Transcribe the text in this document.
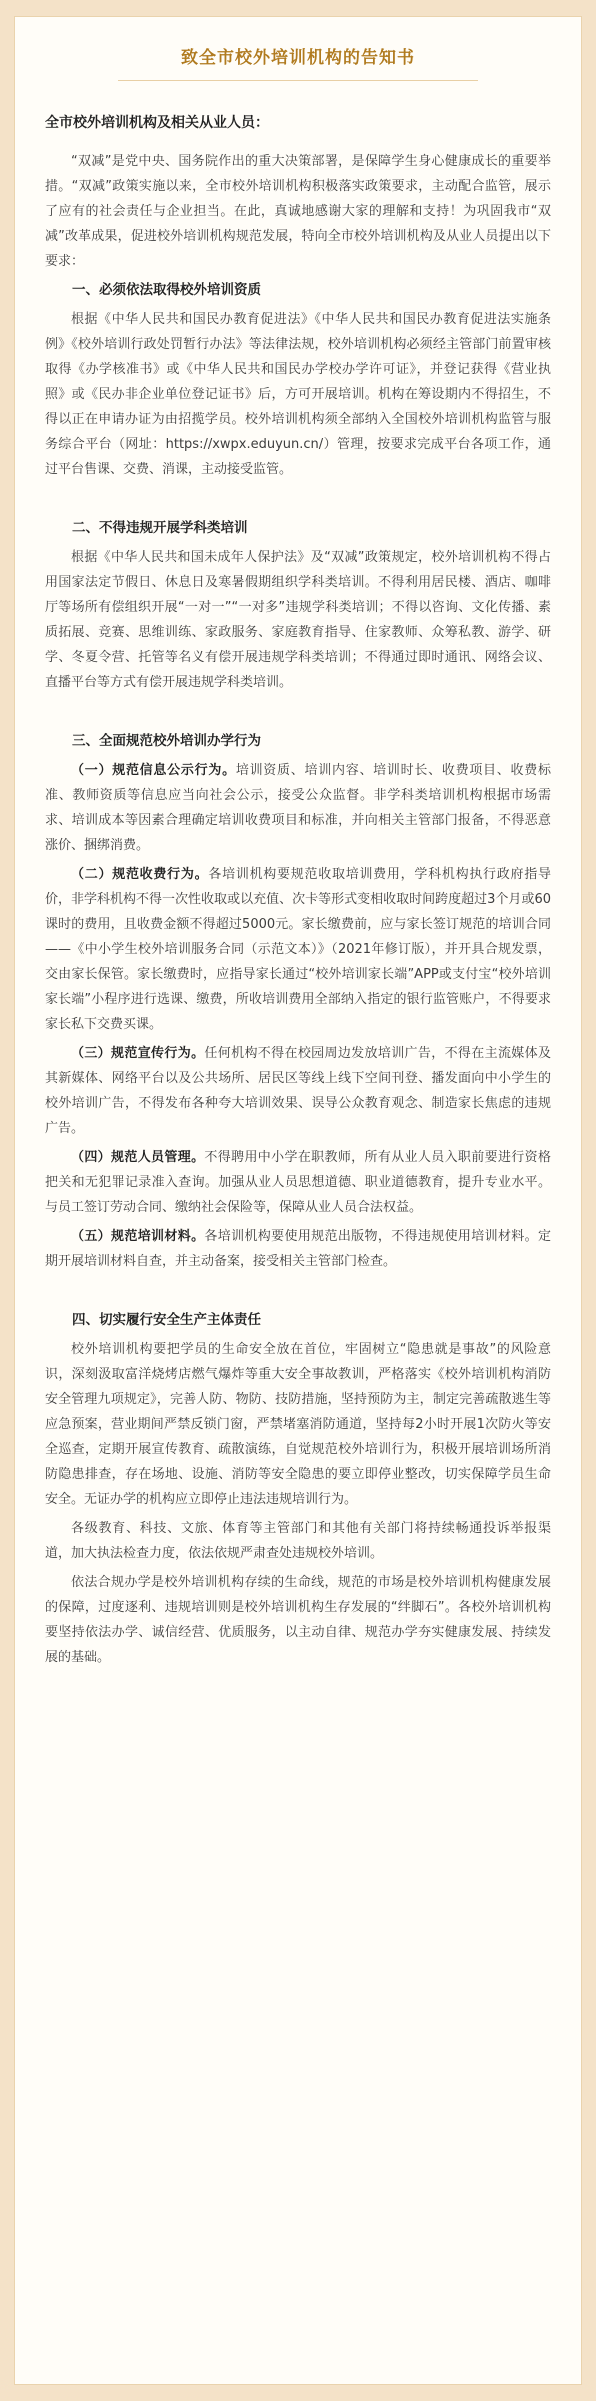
致全市校外培训机构的告知书
全市校外培训机构及相关从业人员：

“双减”是党中央、国务院作出的重大决策部署，是保障学生身心健康成长的重要举措。“双减”政策实施以来，全市校外培训机构积极落实政策要求，主动配合监管，展示了应有的社会责任与企业担当。在此，真诚地感谢大家的理解和支持！为巩固我市“双减”改革成果，促进校外培训机构规范发展，特向全市校外培训机构及从业人员提出以下要求：

一、必须依法取得校外培训资质

根据《中华人民共和国民办教育促进法》《中华人民共和国民办教育促进法实施条例》《校外培训行政处罚暂行办法》等法律法规，校外培训机构必须经主管部门前置审核取得《办学核准书》或《中华人民共和国民办学校办学许可证》，并登记获得《营业执照》或《民办非企业单位登记证书》后，方可开展培训。机构在筹设期内不得招生，不得以正在申请办证为由招揽学员。校外培训机构须全部纳入全国校外培训机构监管与服务综合平台（网址：https://xwpx.eduyun.cn/）管理，按要求完成平台各项工作，通过平台售课、交费、消课，主动接受监管。

二、不得违规开展学科类培训

根据《中华人民共和国未成年人保护法》及“双减”政策规定，校外培训机构不得占用国家法定节假日、休息日及寒暑假期组织学科类培训。不得利用居民楼、酒店、咖啡厅等场所有偿组织开展“一对一”“一对多”违规学科类培训；不得以咨询、文化传播、素质拓展、竞赛、思维训练、家政服务、家庭教育指导、住家教师、众筹私教、游学、研学、冬夏令营、托管等名义有偿开展违规学科类培训；不得通过即时通讯、网络会议、直播平台等方式有偿开展违规学科类培训。

三、全面规范校外培训办学行为

（一）规范信息公示行为。培训资质、培训内容、培训时长、收费项目、收费标准、教师资质等信息应当向社会公示，接受公众监督。非学科类培训机构根据市场需求、培训成本等因素合理确定培训收费项目和标准，并向相关主管部门报备，不得恶意涨价、捆绑消费。

（二）规范收费行为。各培训机构要规范收取培训费用，学科机构执行政府指导价，非学科机构不得一次性收取或以充值、次卡等形式变相收取时间跨度超过3个月或60课时的费用，且收费金额不得超过5000元。家长缴费前，应与家长签订规范的培训合同——《中小学生校外培训服务合同（示范文本）》（2021年修订版），并开具合规发票，交由家长保管。家长缴费时，应指导家长通过“校外培训家长端”APP或支付宝“校外培训家长端”小程序进行选课、缴费，所收培训费用全部纳入指定的银行监管账户，不得要求家长私下交费买课。

（三）规范宣传行为。任何机构不得在校园周边发放培训广告，不得在主流媒体及其新媒体、网络平台以及公共场所、居民区等线上线下空间刊登、播发面向中小学生的校外培训广告，不得发布各种夸大培训效果、误导公众教育观念、制造家长焦虑的违规广告。

（四）规范人员管理。不得聘用中小学在职教师，所有从业人员入职前要进行资格把关和无犯罪记录准入查询。加强从业人员思想道德、职业道德教育，提升专业水平。与员工签订劳动合同、缴纳社会保险等，保障从业人员合法权益。

（五）规范培训材料。各培训机构要使用规范出版物，不得违规使用培训材料。定期开展培训材料自查，并主动备案，接受相关主管部门检查。

四、切实履行安全生产主体责任

校外培训机构要把学员的生命安全放在首位，牢固树立“隐患就是事故”的风险意识，深刻汲取富洋烧烤店燃气爆炸等重大安全事故教训，严格落实《校外培训机构消防安全管理九项规定》，完善人防、物防、技防措施，坚持预防为主，制定完善疏散逃生等应急预案，营业期间严禁反锁门窗，严禁堵塞消防通道，坚持每2小时开展1次防火等安全巡查，定期开展宣传教育、疏散演练，自觉规范校外培训行为，积极开展培训场所消防隐患排查，存在场地、设施、消防等安全隐患的要立即停业整改，切实保障学员生命安全。无证办学的机构应立即停止违法违规培训行为。

各级教育、科技、文旅、体育等主管部门和其他有关部门将持续畅通投诉举报渠道，加大执法检查力度，依法依规严肃查处违规校外培训。

依法合规办学是校外培训机构存续的生命线，规范的市场是校外培训机构健康发展的保障，过度逐利、违规培训则是校外培训机构生存发展的“绊脚石”。各校外培训机构要坚持依法办学、诚信经营、优质服务，以主动自律、规范办学夯实健康发展、持续发展的基础。
